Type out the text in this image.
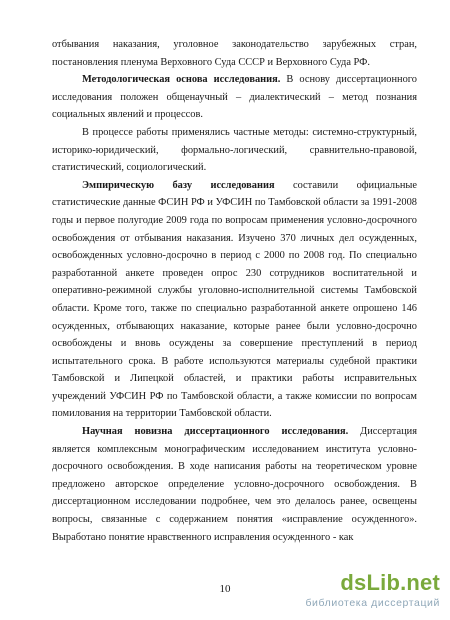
отбывания наказания, уголовное законодательство зарубежных стран, постановления пленума Верховного Суда СССР и Верховного Суда РФ.

Методологическая основа исследования. В основу диссертационного исследования положен общенаучный – диалектический – метод познания социальных явлений и процессов.

В процессе работы применялись частные методы: системно-структурный, историко-юридический, формально-логический, сравнительно-правовой, статистический, социологический.

Эмпирическую базу исследования составили официальные статистические данные ФСИН РФ и УФСИН по Тамбовской области за 1991-2008 годы и первое полугодие 2009 года по вопросам применения условно-досрочного освобождения от отбывания наказания. Изучено 370 личных дел осужденных, освобожденных условно-досрочно в период с 2000 по 2008 год. По специально разработанной анкете проведен опрос 230 сотрудников воспитательной и оперативно-режимной службы уголовно-исполнительной системы Тамбовской области. Кроме того, также по специально разработанной анкете опрошено 146 осужденных, отбывающих наказание, которые ранее были условно-досрочно освобождены и вновь осуждены за совершение преступлений в период испытательного срока. В работе используются материалы судебной практики Тамбовской и Липецкой областей, и практики работы исправительных учреждений УФСИН РФ по Тамбовской области, а также комиссии по вопросам помилования на территории Тамбовской области.

Научная новизна диссертационного исследования. Диссертация является комплексным монографическим исследованием института условно-досрочного освобождения. В ходе написания работы на теоретическом уровне предложено авторское определение условно-досрочного освобождения. В диссертационном исследовании подробнее, чем это делалось ранее, освещены вопросы, связанные с содержанием понятия «исправление осужденного». Выработано понятие нравственного исправления осужденного - как

10	dsLib.net
библиотека диссертаций
